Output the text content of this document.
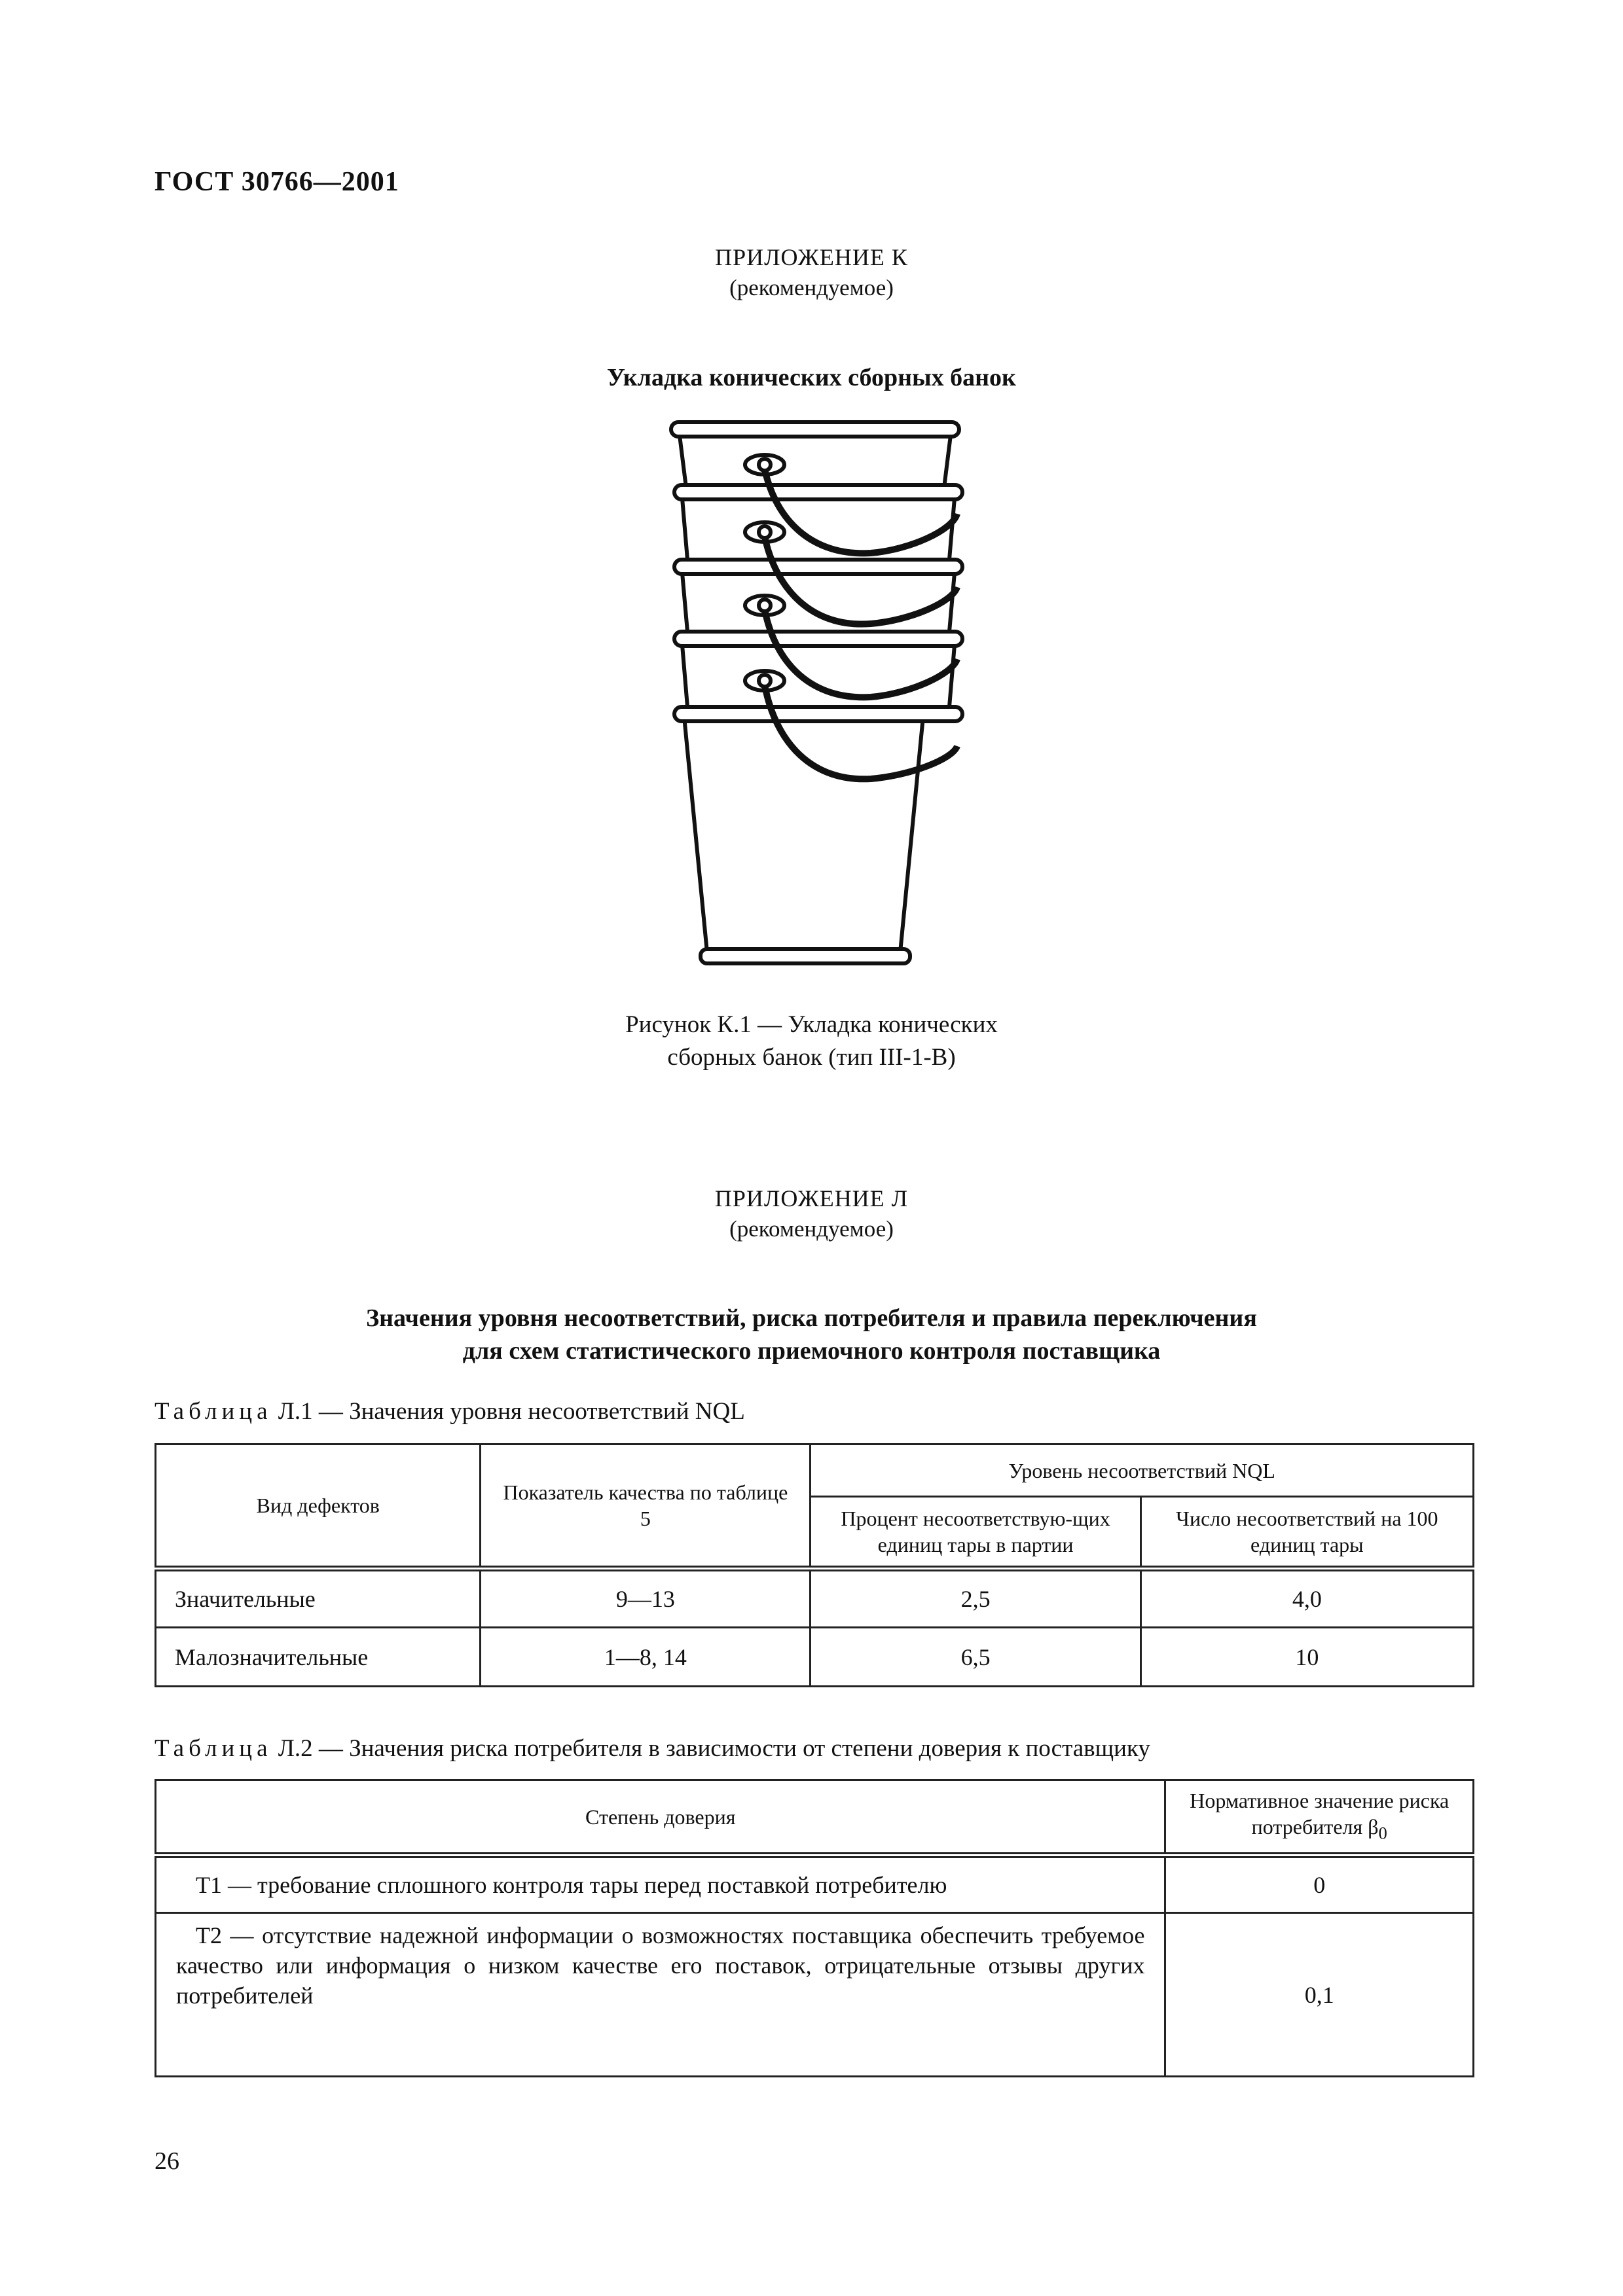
ГОСТ 30766—2001
ПРИЛОЖЕНИЕ К
(рекомендуемое)
Укладка конических сборных банок
Рисунок К.1 — Укладка конических
сборных банок (тип III-1-В)
ПРИЛОЖЕНИЕ Л
(рекомендуемое)
Значения уровня несоответствий, риска потребителя и правила переключения
для схем статистического приемочного контроля поставщика
Таблица Л.1 — Значения уровня несоответствий NQL
Вид дефектов	Показатель качества по таблице 5	Уровень несоответствий NQL	
		Процент несоответствую-щих единиц тары в партии	Число несоответствий на 100 единиц тары
Значительные	9—13	2,5	4,0
Малозначительные	1—8, 14	6,5	10
Таблица Л.2 — Значения риска потребителя в зависимости от степени доверия к поставщику
Степень доверия	Нормативное значение риска потребителя $\beta_0$
Т1 — требование сплошного контроля тары перед поставкой потребителю	0
Т2 — отсутствие надежной информации о возможностях поставщика обеспечить требуемое качество или информация о низком качестве его поставок, отрицательные отзывы других потребителей	0,1
26
